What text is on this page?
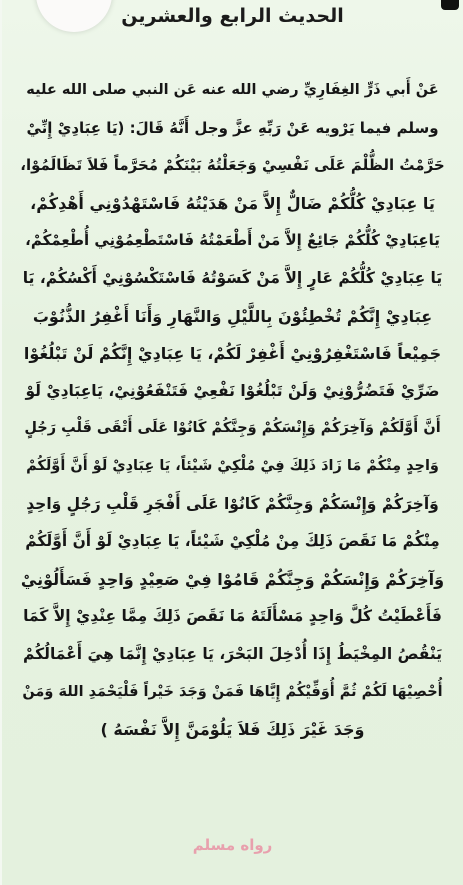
الحديث الرابع والعشرين
عَنْ أَبي ذَرٍّ الغِفَارِيِّ رضي الله عنه عَن النبي صلى الله عليه
وسلم فيما يَرْويه عَنْ رَبِّهِ عزَّ وجل أَنَّهُ قَالَ: (يَا عِبَادِيْ إِنِّيْ
حَرَّمْتُ الظُّلْمَ عَلَى نَفْسِيْ وَجَعَلْتُهُ بَيْنَكُمْ مُحَرَّماً فَلاَ تَظَالَمُوْا،
يَا عِبَادِيْ كُلُّكُمْ ضَالٌّ إِلاَّ مَنْ هَدَيْتُهُ فَاسْتَهْدُوْنِي أَهْدِكُمْ،
يَاعِبَادِيْ كُلُّكُمْ جَائِعٌ إِلاَّ مَنْ أَطْعَمْتُهُ فَاسْتَطْعِمُوْنِي أُطْعِمْكُمْ،
يَا عِبَادِيْ كُلُّكُمْ عَارٍ إِلاَّ مَنْ كَسَوْتُهُ فَاسْتَكْسُوْنِيْ أَكْسُكُمْ، يَا
عِبَادِيْ إِنَّكُمْ تُخْطِئُوْنَ بِاللَّيْلِ وَالنَّهَارِ وَأَنَا أَغْفِرُ الذُّنُوْبَ
جَمِيْعاً فَاسْتَغْفِرُوْنِيْ أَغْفِرْ لَكُمْ، يَا عِبَادِيْ إِنَّكُمْ لَنْ تَبْلُغُوْا
ضَرِّيْ فَتَضُرُّوْنِيْ وَلَنْ تَبْلُغُوْا نَفْعِيْ فَتَنْفَعُوْنِيْ، يَاعِبَادِيْ لَوْ
أَنَّ أَوَّلَكُمْ وَآخِرَكُمْ وَإِنْسَكُمْ وَجِنَّكُمْ كَانُوْا عَلَى أَتْقَى قَلْبِ رَجُلٍ
وَاحِدٍ مِنْكُمْ مَا زَادَ ذَلِكَ فِيْ مُلْكِيْ شَيْئاً، يَا عِبَادِيْ لَوْ أَنَّ أَوَّلَكُمْ
وَآخِرَكُمْ وَإِنْسَكُمْ وَجِنَّكُمْ كَانُوْا عَلَى أَفْجَرِ قَلْبِ رَجُلٍ وَاحِدٍ
مِنْكُمْ مَا نَقَصَ ذَلِكَ مِنْ مُلْكِيْ شَيْئاً، يَا عِبَادِيْ لَوْ أَنَّ أَوَّلَكُمْ
وَآخِرَكُمْ وَإِنْسَكُمْ وَجِنَّكُمْ قَامُوْا فِيْ صَعِيْدٍ وَاحِدٍ فَسَأَلُوْنِيْ
فَأَعْطَيْتُ كُلَّ وَاحِدٍ مَسْأَلَتَهُ مَا نَقَصَ ذَلِكَ مِمَّا عِنْدِيْ إِلاَّ كَمَا
يَنْقُصُ المِخْيَطُ إِذَا أُدْخِلَ البَحْرَ، يَا عِبَادِيْ إِنَّمَا هِيَ أَعْمَالُكُمْ
أُحْصِيْهَا لَكُمْ ثُمَّ أُوَفِّيْكُمْ إِيَّاهَا فَمَنْ وَجَدَ خَيْراً فَلْيَحْمَدِ اللهَ وَمَنْ
وَجَدَ غَيْرَ ذَلِكَ فَلاَ يَلُوْمَنَّ إِلاَّ نَفْسَهُ )
رواه مسلم
